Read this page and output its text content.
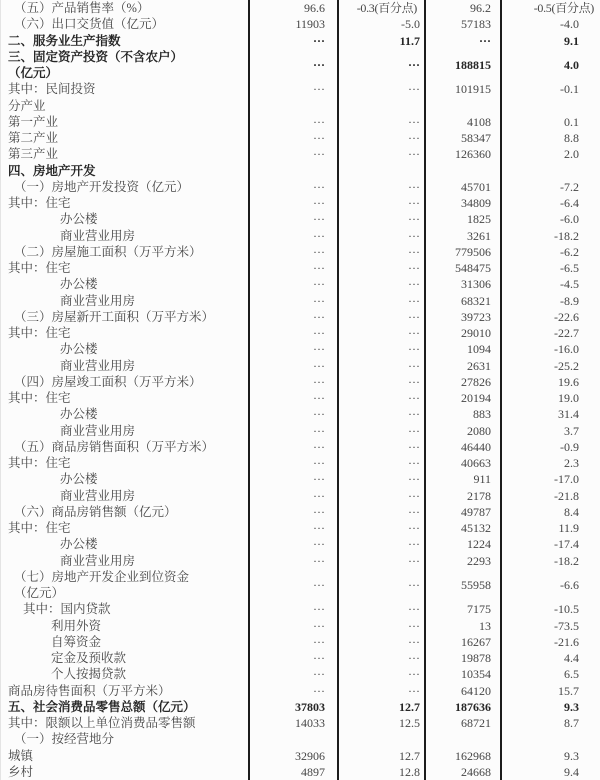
（五）产品销售率（%）	96.6	-0.3(百分点)	96.2	-0.5(百分点)
（六）出口交货值（亿元）	11903	-5.0	57183	-4.0
二、服务业生产指数	···	11.7	···	9.1

三、固定资产投资（不含农户）
（亿元）	···	···	188815	4.0
其中：民间投资	···	···	101915	-0.1
分产业				
第一产业	···	···	4108	0.1
第二产业	···	···	58347	8.8
第三产业	···	···	126360	2.0
四、房地产开发				
（一）房地产开发投资（亿元）	···	···	45701	-7.2
其中：住宅	···	···	34809	-6.4
办公楼	···	···	1825	-6.0
商业营业用房	···	···	3261	-18.2
（二）房屋施工面积（万平方米）	···	···	779506	-6.2
其中：住宅	···	···	548475	-6.5
办公楼	···	···	31306	-4.5
商业营业用房	···	···	68321	-8.9
（三）房屋新开工面积（万平方米）	···	···	39723	-22.6
其中：住宅	···	···	29010	-22.7
办公楼	···	···	1094	-16.0
商业营业用房	···	···	2631	-25.2
（四）房屋竣工面积（万平方米）	···	···	27826	19.6
其中：住宅	···	···	20194	19.0
办公楼	···	···	883	31.4
商业营业用房	···	···	2080	3.7
（五）商品房销售面积（万平方米）	···	···	46440	-0.9
其中：住宅	···	···	40663	2.3
办公楼	···	···	911	-17.0
商业营业用房	···	···	2178	-21.8
（六）商品房销售额（亿元）	···	···	49787	8.4
其中：住宅	···	···	45132	11.9
办公楼	···	···	1224	-17.4
商业营业用房	···	···	2293	-18.2

（七）房地产开发企业到位资金
（亿元）	···	···	55958	-6.6
其中：国内贷款	···	···	7175	-10.5
利用外资	···	···	13	-73.5
自筹资金	···	···	16267	-21.6
定金及预收款	···	···	19878	4.4
个人按揭贷款	···	···	10354	6.5
商品房待售面积（万平方米）	···	···	64120	15.7
五、社会消费品零售总额（亿元）	37803	12.7	187636	9.3
其中：限额以上单位消费品零售额	14033	12.5	68721	8.7
（一）按经营地分				
城镇	32906	12.7	162968	9.3
乡村	4897	12.8	24668	9.4
